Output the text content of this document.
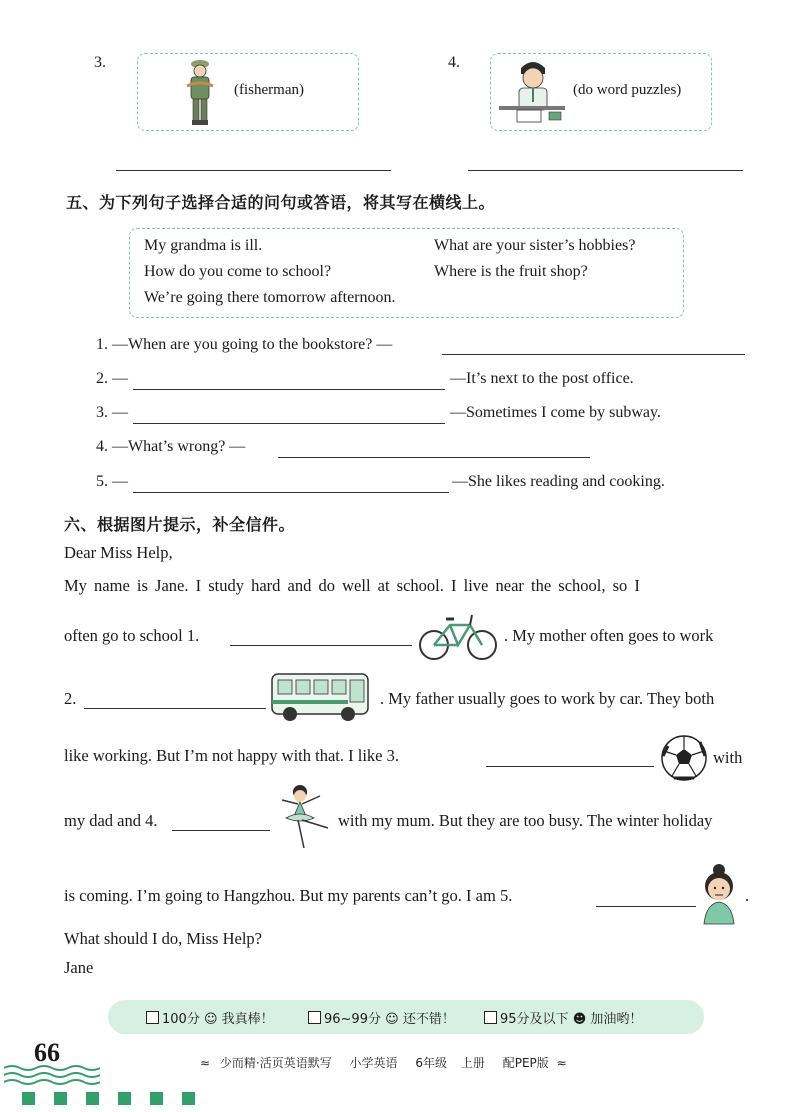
3.
(fisherman)
4.
(do word puzzles)
五、为下列句子选择合适的问句或答语，将其写在横线上。
My grandma is ill.	What are your sister’s hobbies?
How do you come to school?	Where is the fruit shop?
We’re going there tomorrow afternoon.
1. —When are you going to the bookstore? —
2. —	—It’s next to the post office.
3. —	—Sometimes I come by subway.
4. —What’s wrong? —
5. —	—She likes reading and cooking.
六、根据图片提示，补全信件。
Dear Miss Help,
My name is Jane. I study hard and do well at school. I live near the school, so I
often go to school 1.	. My mother often goes to work
2.	. My father usually goes to work by car. They both
like working. But I’m not happy with that. I like 3.	with
my dad and 4.	with my mum. But they are too busy. The winter holiday
is coming. I’m going to Hangzhou. But my parents can’t go. I am 5.	.
What should I do, Miss Help?
Jane
100分 ☺ 我真棒！	96~99分 ☺ 还不错！	95分及以下 ☻ 加油哟！
66	≈ 少而精·活页英语默写 小学英语 6年级 上册 配PEP版 ≈
